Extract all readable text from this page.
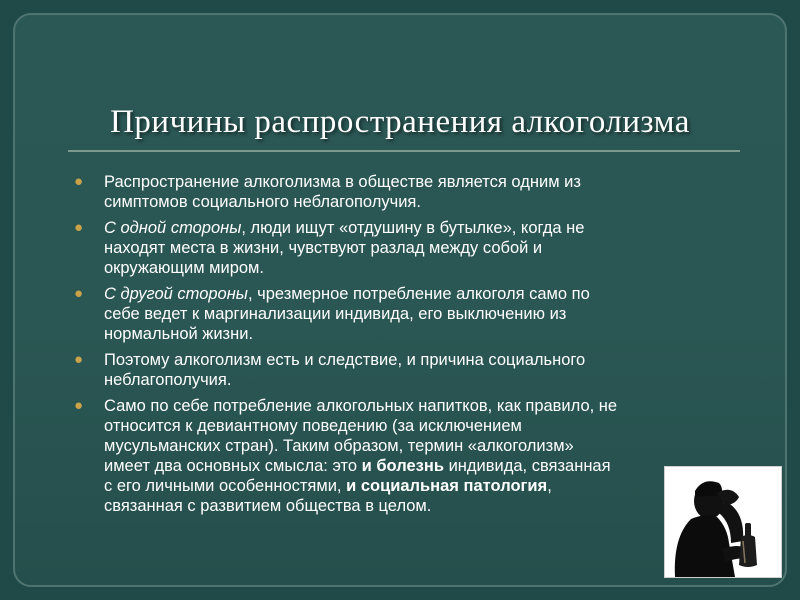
Причины распространения алкоголизма
● Распространение алкоголизма в обществе является одним из
симптомов социального неблагополучия.
● С одной стороны, люди ищут «отдушину в бутылке», когда не
находят места в жизни, чувствуют разлад между собой и
окружающим миром.
● С другой стороны, чрезмерное потребление алкоголя само по
себе ведет к маргинализации индивида, его выключению из
нормальной жизни.
● Поэтому алкоголизм есть и следствие, и причина социального
неблагополучия.
● Само по себе потребление алкогольных напитков, как правило, не
относится к девиантному поведению (за исключением
мусульманских стран). Таким образом, термин «алкоголизм»
имеет два основных смысла: это и болезнь индивида, связанная
с его личными особенностями, и социальная патология,
связанная с развитием общества в целом.
